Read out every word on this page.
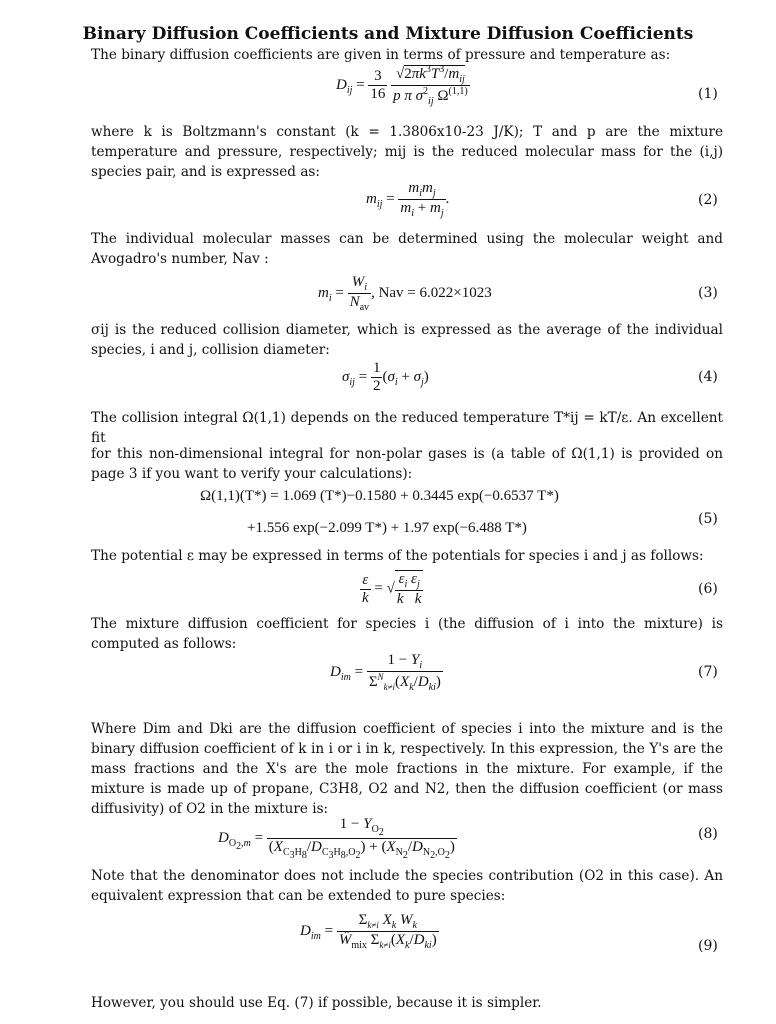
Binary Diffusion Coefficients and Mixture Diffusion Coefficients
The binary diffusion coefficients are given in terms of pressure and temperature as:
$D_{ij} = \frac{3}{16}$
$\frac{√2\pi k^3T^3/m_{ij}}{p \pi \sigma^2_{ij} \Omega^{(1,1)}}$	(1)
where k is Boltzmann's constant (k = 1.3806x10-23 J/K); T and p are the mixture temperature and pressure, respectively; mij is the reduced molecular mass for the (i,j) species pair, and is expressed as:
$m_{ij} = \frac{m_im_j}{m_i + m_j}$ .	(2)
The individual molecular masses can be determined using the molecular weight and Avogadro's number, Nav :
$m_i = \frac{W_i}{N_{av}}$ , Nav = 6.022×1023	(3)
σij is the reduced collision diameter, which is expressed as the average of the individual species, i and j, collision diameter:
$\sigma_{ij} = \frac{1}{2} (\sigma_i + \sigma_j)$	(4)
The collision integral Ω(1,1) depends on the reduced temperature T*ij = kT/ε. An excellent fit
for this non-dimensional integral for non-polar gases is (a table of Ω(1,1) is provided on page 3 if you want to verify your calculations):
Ω(1,1)(T*) = 1.069 (T*)−0.1580 + 0.3445 exp(−0.6537 T*)
+1.556 exp(−2.099 T*) + 1.97 exp(−6.488 T*)
(5)
The potential ε may be expressed in terms of the potentials for species i and j as follows:
$\frac{\varepsilon}{k}$ = √ $\frac{\varepsilon_i \varepsilon_j}{\text{k k}}$	(6)
The mixture diffusion coefficient for species i (the diffusion of i into the mixture) is computed as follows:
$D_{im} = \frac{1 - Y_i}{\Sigma^N_{k\ne i}(X_k/D_{ki})}$	(7)
Where Dim and Dki are the diffusion coefficient of species i into the mixture and is the binary diffusion coefficient of k in i or i in k, respectively. In this expression, the Y's are the mass fractions and the X's are the mole fractions in the mixture. For example, if the mixture is made up of propane, C3H8, O2 and N2, then the diffusion coefficient (or mass diffusivity) of O2 in the mixture is:
$D_{O_2,m} = \frac{1 - Y_{O_2}}{(X_{C_3H_8}/D_{C_3H_8,O_2}) + (X_{N_2}/D_{N_2,O_2})}$	(8)
Note that the denominator does not include the species contribution (O2 in this case). An equivalent expression that can be extended to pure species:
$D_{im} = \frac{\Sigma_{k\ne i} X_k W_k}{Ŵ_{mix} \Sigma_{k\ne i}(X_k/D_{ki})}$	(9)
However, you should use Eq. (7) if possible, because it is simpler.
